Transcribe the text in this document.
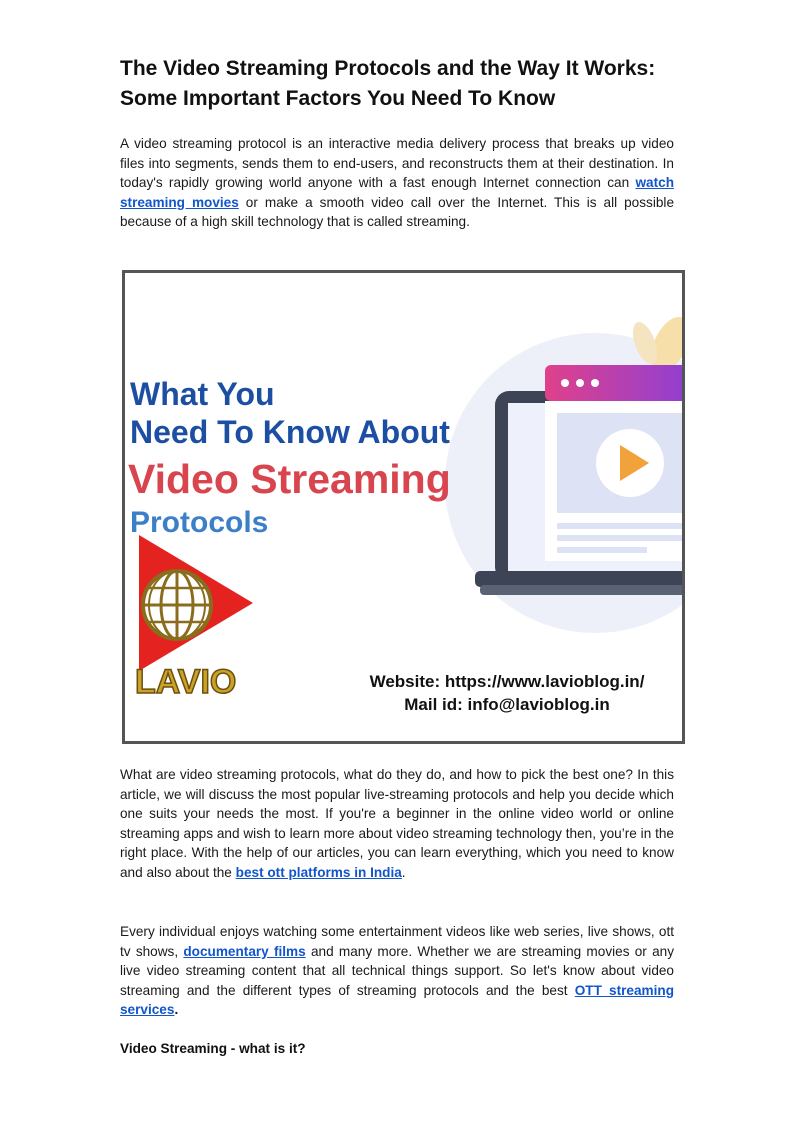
The Video Streaming Protocols and the Way It Works:
Some Important Factors You Need To Know

A video streaming protocol is an interactive media delivery process that breaks up video files into segments, sends them to end-users, and reconstructs them at their destination. In today's rapidly growing world anyone with a fast enough Internet connection can watch streaming movies or make a smooth video call over the Internet. This is all possible because of a high skill technology that is called streaming.

What You
Need To Know About
Video Streaming
Protocols
LAVIO	Website: https://www.lavioblog.in/
Mail id: info@lavioblog.in

What are video streaming protocols, what do they do, and how to pick the best one? In this article, we will discuss the most popular live-streaming protocols and help you decide which one suits your needs the most. If you're a beginner in the online video world or online streaming apps and wish to learn more about video streaming technology then, you’re in the right place. With the help of our articles, you can learn everything, which you need to know and also about the best ott platforms in India.

Every individual enjoys watching some entertainment videos like web series, live shows, ott tv shows, documentary films and many more. Whether we are streaming movies or any live video streaming content that all technical things support. So let's know about video streaming and the different types of streaming protocols and the best OTT streaming services.

Video Streaming - what is it?
